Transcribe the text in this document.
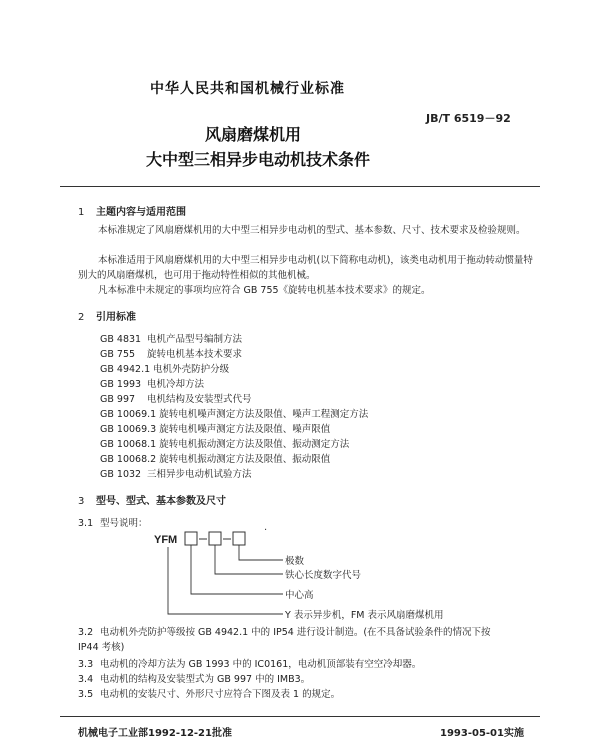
中华人民共和国机械行业标准
JB/T 6519－92
风扇磨煤机用
大中型三相异步电动机技术条件
1 主题内容与适用范围
本标准规定了风扇磨煤机用的大中型三相异步电动机的型式、基本参数、尺寸、技术要求及检验规则。
本标准适用于风扇磨煤机用的大中型三相异步电动机(以下简称电动机)，该类电动机用于拖动转动惯量特别大的风扇磨煤机，也可用于拖动特性相似的其他机械。
凡本标准中未规定的事项均应符合 GB 755《旋转电机基本技术要求》的规定。
2 引用标准
GB 4831 电机产品型号编制方法
GB 755 旋转电机基本技术要求
GB 4942.1 电机外壳防护分级
GB 1993 电机冷却方法
GB 997 电机结构及安装型式代号
GB 10069.1 旋转电机噪声测定方法及限值、噪声工程测定方法
GB 10069.3 旋转电机噪声测定方法及限值、噪声限值
GB 10068.1 旋转电机振动测定方法及限值、振动测定方法
GB 10068.2 旋转电机振动测定方法及限值、振动限值
GB 1032 三相异步电动机试验方法
3 型号、型式、基本参数及尺寸
3.1 型号说明：
YFM
.
极数
铁心长度数字代号
中心高
Y 表示异步机，FM 表示风扇磨煤机用
3.2 电动机外壳防护等级按 GB 4942.1 中的 IP54 进行设计制造。(在不具备试验条件的情况下按
IP44 考核)
3.3 电动机的冷却方法为 GB 1993 中的 IC0161，电动机顶部装有空空冷却器。
3.4 电动机的结构及安装型式为 GB 997 中的 IMB3。
3.5 电动机的安装尺寸、外形尺寸应符合下图及表 1 的规定。
机械电子工业部1992-12-21批准	1993-05-01实施
